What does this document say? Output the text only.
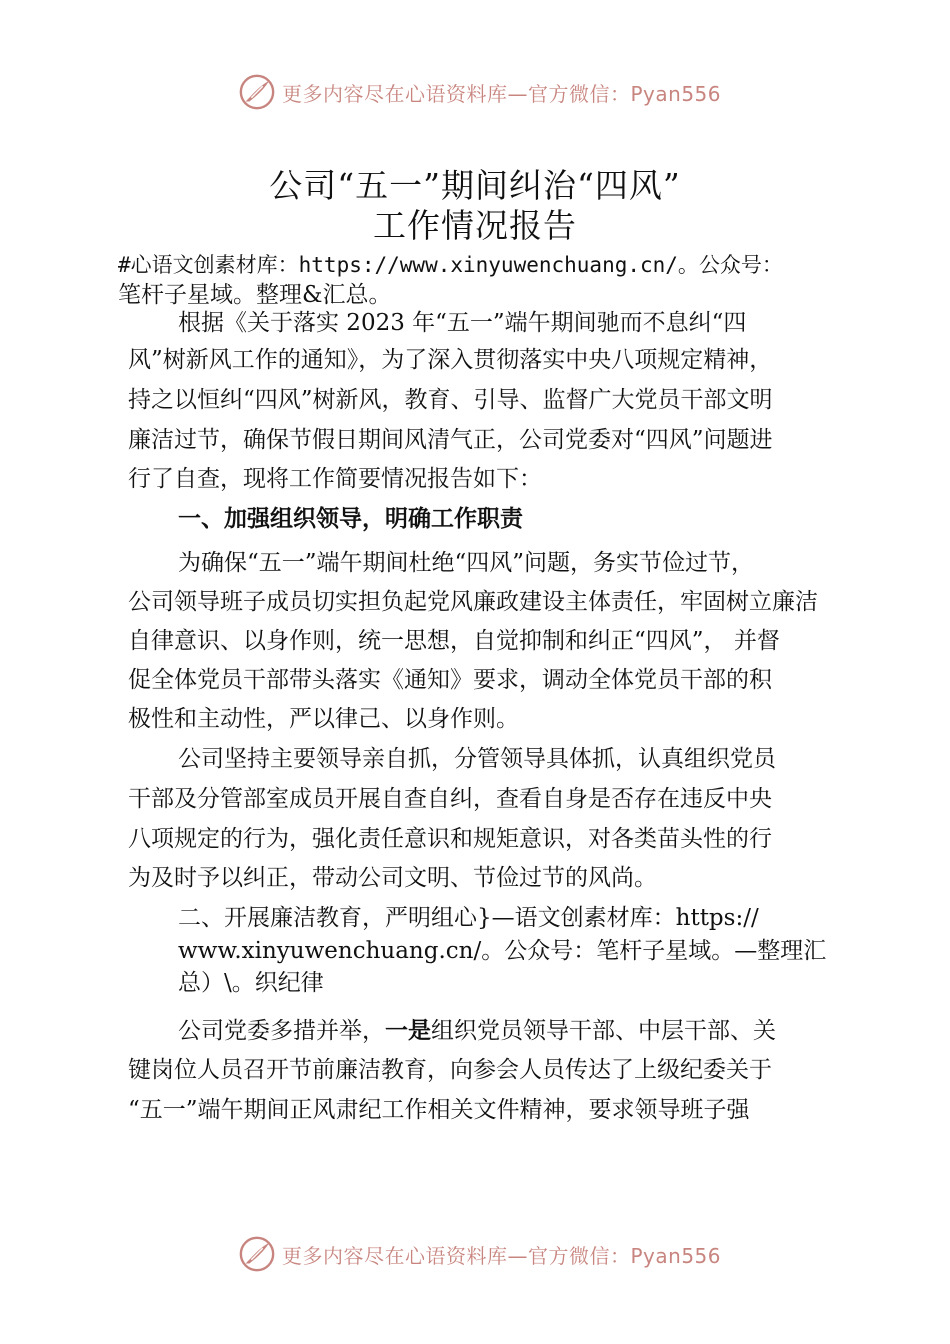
更多内容尽在心语资料库—官方微信：Pyan556
公司“五一”期间纠治“四风”
工作情况报告
#心语文创素材库：https://www.xinyuwenchuang.cn/。公众号：
笔杆子星域。整理&汇总。
根据《关于落实 2023 年“五一”端午期间驰而不息纠“四
风”树新风工作的通知》，为了深入贯彻落实中央八项规定精神，
持之以恒纠“四风”树新风，教育、引导、监督广大党员干部文明
廉洁过节，确保节假日期间风清气正，公司党委对“四风”问题进
行了自查，现将工作简要情况报告如下：
一、加强组织领导，明确工作职责
为确保“五一”端午期间杜绝“四风”问题，务实节俭过节，
公司领导班子成员切实担负起党风廉政建设主体责任，牢固树立廉洁
自律意识、以身作则，统一思想，自觉抑制和纠正“四风”， 并督
促全体党员干部带头落实《通知》要求，调动全体党员干部的积
极性和主动性，严以律己、以身作则。
公司坚持主要领导亲自抓，分管领导具体抓，认真组织党员
干部及分管部室成员开展自查自纠，查看自身是否存在违反中央
八项规定的行为，强化责任意识和规矩意识，对各类苗头性的行
为及时予以纠正，带动公司文明、节俭过节的风尚。
二、开展廉洁教育，严明组心}—语文创素材库：https://
www.xinyuwenchuang.cn/。公众号：笔杆子星域。—整理汇
总）\。织纪律
公司党委多措并举，一是组织党员领导干部、中层干部、关
键岗位人员召开节前廉洁教育，向参会人员传达了上级纪委关于
“五一”端午期间正风肃纪工作相关文件精神，要求领导班子强
更多内容尽在心语资料库—官方微信：Pyan556
